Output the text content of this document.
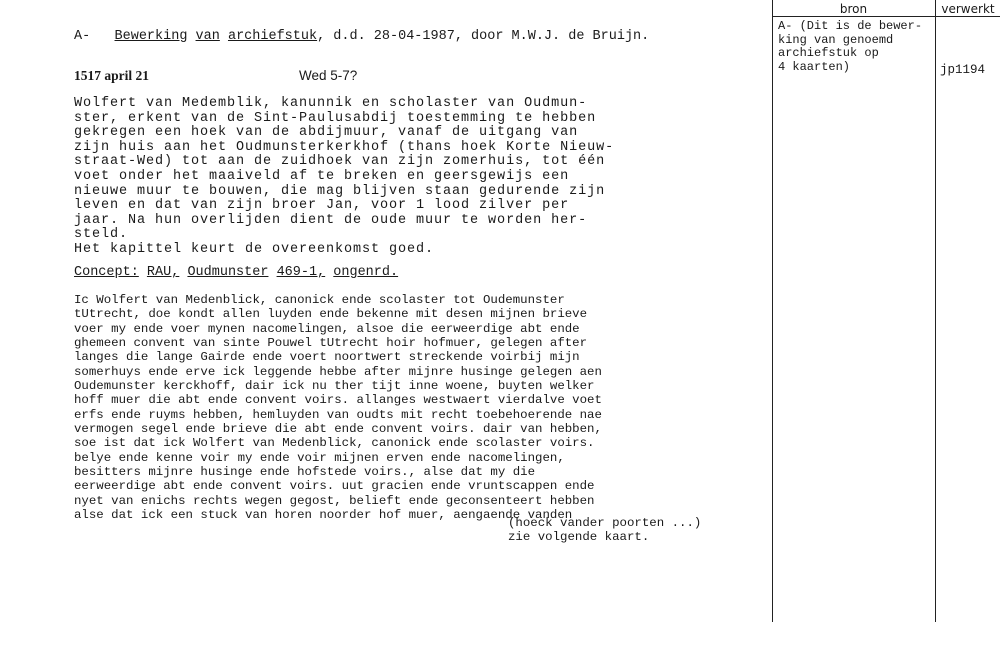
bron	verwerkt
A- Bewerking van archiefstuk, d.d. 28-04-1987, door M.W.J. de Bruijn.
1517 april 21	Wed 5-7?
Wolfert van Medemblik, kanunnik en scholaster van Oudmun-
ster, erkent van de Sint-Paulusabdij toestemming te hebben
gekregen een hoek van de abdijmuur, vanaf de uitgang van
zijn huis aan het Oudmunsterkerkhof (thans hoek Korte Nieuw-
straat-Wed) tot aan de zuidhoek van zijn zomerhuis, tot één
voet onder het maaiveld af te breken en geersgewijs een
nieuwe muur te bouwen, die mag blijven staan gedurende zijn
leven en dat van zijn broer Jan, voor 1 lood zilver per
jaar. Na hun overlijden dient de oude muur te worden her-
steld.
Het kapittel keurt de overeenkomst goed.
Concept: RAU, Oudmunster 469-1, ongenrd.
Ic Wolfert van Medenblick, canonick ende scolaster tot Oudemunster
tUtrecht, doe kondt allen luyden ende bekenne mit desen mijnen brieve
voer my ende voer mynen nacomelingen, alsoe die eerweerdige abt ende
ghemeen convent van sinte Pouwel tUtrecht hoir hofmuer, gelegen after
langes die lange Gairde ende voert noortwert streckende voirbij mijn
somerhuys ende erve ick leggende hebbe after mijnre husinge gelegen aen
Oudemunster kerckhoff, dair ick nu ther tijt inne woene, buyten welker
hoff muer die abt ende convent voirs. allanges westwaert vierdalve voet
erfs ende ruyms hebben, hemluyden van oudts mit recht toebehoerende nae
vermogen segel ende brieve die abt ende convent voirs. dair van hebben,
soe ist dat ick Wolfert van Medenblick, canonick ende scolaster voirs.
belye ende kenne voir my ende voir mijnen erven ende nacomelingen,
besitters mijnre husinge ende hofstede voirs., alse dat my die
eerweerdige abt ende convent voirs. uut gracien ende vruntscappen ende
nyet van enichs rechts wegen gegost, belieft ende geconsenteert hebben
alse dat ick een stuck van horen noorder hof muer, aengaende vanden
(hoeck vander poorten ...)
zie volgende kaart.
A- (Dit is de bewer-
king van genoemd
archiefstuk op
4 kaarten)	jp1194
